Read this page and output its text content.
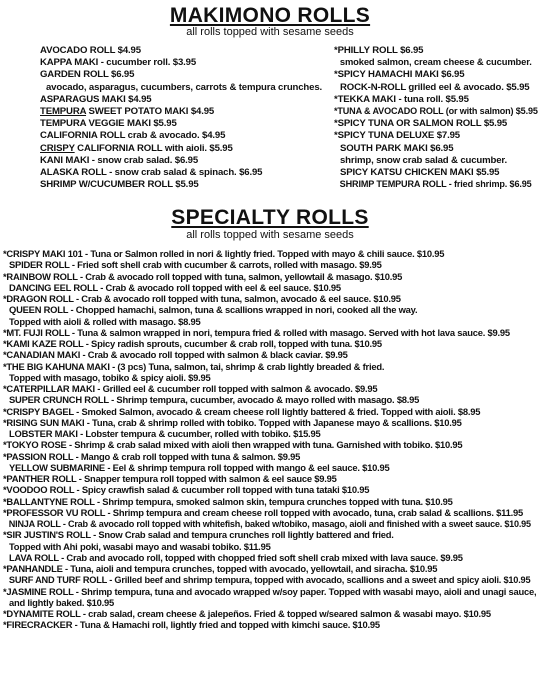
MAKIMONO ROLLS
all rolls topped with sesame seeds
AVOCADO ROLL $4.95
KAPPA MAKI - cucumber roll. $3.95
GARDEN ROLL $6.95
avocado, asparagus, cucumbers, carrots & tempura crunches.
ASPARAGUS MAKI $4.95
TEMPURA SWEET POTATO MAKI $4.95
TEMPURA VEGGIE MAKI $5.95
CALIFORNIA ROLL crab & avocado. $4.95
CRISPY CALIFORNIA ROLL with aioli. $5.95
KANI MAKI - snow crab salad. $6.95
ALASKA ROLL - snow crab salad & spinach. $6.95
SHRIMP W/CUCUMBER ROLL $5.95
*PHILLY ROLL $6.95
smoked salmon, cream cheese & cucumber.
*SPICY HAMACHI MAKI $6.95
ROCK-N-ROLL grilled eel & avocado. $5.95
*TEKKA MAKI - tuna roll. $5.95
*TUNA & AVOCADO ROLL (or with salmon) $5.95
*SPICY TUNA OR SALMON ROLL $5.95
*SPICY TUNA DELUXE $7.95
SOUTH PARK MAKI $6.95
shrimp, snow crab salad & cucumber.
SPICY KATSU CHICKEN MAKI $5.95
SHRIMP TEMPURA ROLL - fried shrimp. $6.95
SPECIALTY ROLLS
all rolls topped with sesame seeds
*CRISPY MAKI 101 - Tuna or Salmon rolled in nori & lightly fried. Topped with mayo & chili sauce. $10.95
SPIDER ROLL - Fried soft shell crab with cucumber & carrots, rolled with masago. $9.95
*RAINBOW ROLL - Crab & avocado roll topped with tuna, salmon, yellowtail & masago. $10.95
DANCING EEL ROLL - Crab & avocado roll topped with eel & eel sauce. $10.95
*DRAGON ROLL - Crab & avocado roll topped with tuna, salmon, avocado & eel sauce. $10.95
QUEEN ROLL - Chopped hamachi, salmon, tuna & scallions wrapped in nori, cooked all the way.
Topped with aioli & rolled with masago. $8.95
*MT. FUJI ROLL - Tuna & salmon wrapped in nori, tempura fried & rolled with masago. Served with hot lava sauce. $9.95
*KAMI KAZE ROLL - Spicy radish sprouts, cucumber & crab roll, topped with tuna. $10.95
*CANADIAN MAKI - Crab & avocado roll topped with salmon & black caviar. $9.95
*THE BIG KAHUNA MAKI - (3 pcs) Tuna, salmon, tai, shrimp & crab lightly breaded & fried.
Topped with masago, tobiko & spicy aioli. $9.95
*CATERPILLAR MAKI - Grilled eel & cucumber roll topped with salmon & avocado. $9.95
SUPER CRUNCH ROLL - Shrimp tempura, cucumber, avocado & mayo rolled with masago. $8.95
*CRISPY BAGEL - Smoked Salmon, avocado & cream cheese roll lightly battered & fried. Topped with aioli. $8.95
*RISING SUN MAKI - Tuna, crab & shrimp rolled with tobiko. Topped with Japanese mayo & scallions. $10.95
LOBSTER MAKI - Lobster tempura & cucumber, rolled with tobiko. $15.95
*TOKYO ROSE - Shrimp & crab salad mixed with aioli then wrapped with tuna. Garnished with tobiko. $10.95
*PASSION ROLL - Mango & crab roll topped with tuna & salmon. $9.95
YELLOW SUBMARINE - Eel & shrimp tempura roll topped with mango & eel sauce. $10.95
*PANTHER ROLL - Snapper tempura roll topped with salmon & eel sauce $9.95
*VOODOO ROLL - Spicy crawfish salad & cucumber roll topped with tuna tataki $10.95
*BALLANTYNE ROLL - Shrimp tempura, smoked salmon skin, tempura crunches topped with tuna. $10.95
*PROFESSOR VU ROLL - Shrimp tempura and cream cheese roll topped with avocado, tuna, crab salad & scallions. $11.95
NINJA ROLL - Crab & avocado roll topped with whitefish, baked w/tobiko, masago, aioli and finished with a sweet sauce. $10.95
*SIR JUSTIN'S ROLL - Snow Crab salad and tempura crunches roll lightly battered and fried.
Topped with Ahi poki, wasabi mayo and wasabi tobiko. $11.95
LAVA ROLL - Crab and avocado roll, topped with chopped fried soft shell crab mixed with lava sauce. $9.95
*PANHANDLE - Tuna, aioli and tempura crunches, topped with avocado, yellowtail, and siracha. $10.95
SURF AND TURF ROLL - Grilled beef and shrimp tempura, topped with avocado, scallions and a sweet and spicy aioli. $10.95
*JASMINE ROLL - Shrimp tempura, tuna and avocado wrapped w/soy paper. Topped with wasabi mayo, aioli and unagi sauce,
and lightly baked. $10.95
*DYNAMITE ROLL - crab salad, cream cheese & jalepeños. Fried & topped w/seared salmon & wasabi mayo. $10.95
*FIRECRACKER - Tuna & Hamachi roll, lightly fried and topped with kimchi sauce. $10.95
